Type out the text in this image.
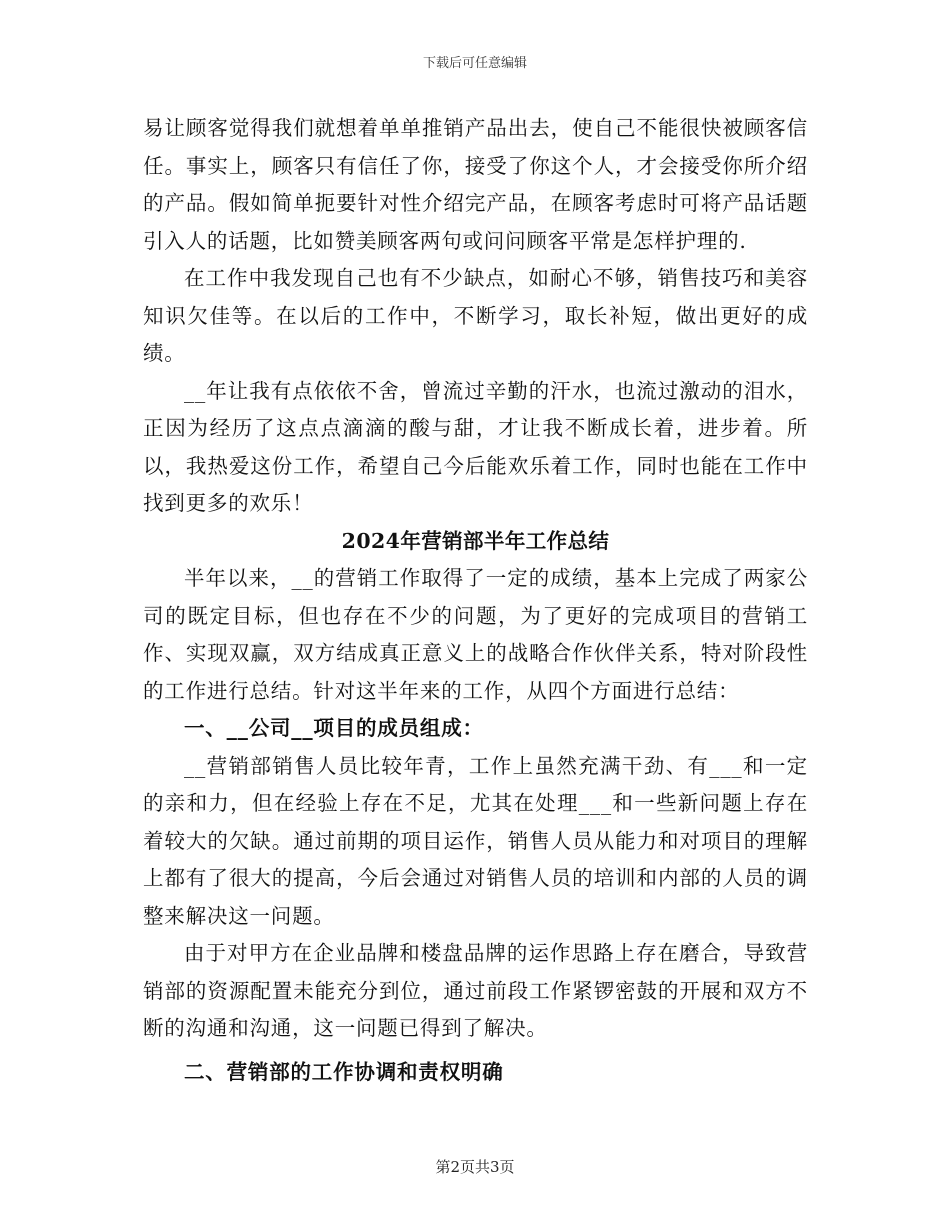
下载后可任意编辑

易让顾客觉得我们就想着单单推销产品出去，使自己不能很快被顾客信任。事实上，顾客只有信任了你，接受了你这个人，才会接受你所介绍的产品。假如简单扼要针对性介绍完产品，在顾客考虑时可将产品话题引入人的话题，比如赞美顾客两句或问问顾客平常是怎样护理的.

在工作中我发现自己也有不少缺点，如耐心不够，销售技巧和美容知识欠佳等。在以后的工作中，不断学习，取长补短，做出更好的成绩。

__年让我有点依依不舍，曾流过辛勤的汗水，也流过激动的泪水，正因为经历了这点点滴滴的酸与甜，才让我不断成长着，进步着。所以，我热爱这份工作，希望自己今后能欢乐着工作，同时也能在工作中找到更多的欢乐！

2024年营销部半年工作总结

半年以来，__的营销工作取得了一定的成绩，基本上完成了两家公司的既定目标，但也存在不少的问题，为了更好的完成项目的营销工作、实现双赢，双方结成真正意义上的战略合作伙伴关系，特对阶段性的工作进行总结。针对这半年来的工作，从四个方面进行总结：

一、__公司__项目的成员组成：

__营销部销售人员比较年青，工作上虽然充满干劲、有___和一定的亲和力，但在经验上存在不足，尤其在处理___和一些新问题上存在着较大的欠缺。通过前期的项目运作，销售人员从能力和对项目的理解上都有了很大的提高，今后会通过对销售人员的培训和内部的人员的调整来解决这一问题。

由于对甲方在企业品牌和楼盘品牌的运作思路上存在磨合，导致营销部的资源配置未能充分到位，通过前段工作紧锣密鼓的开展和双方不断的沟通和沟通，这一问题已得到了解决。

二、营销部的工作协调和责权明确

第2页共3页
